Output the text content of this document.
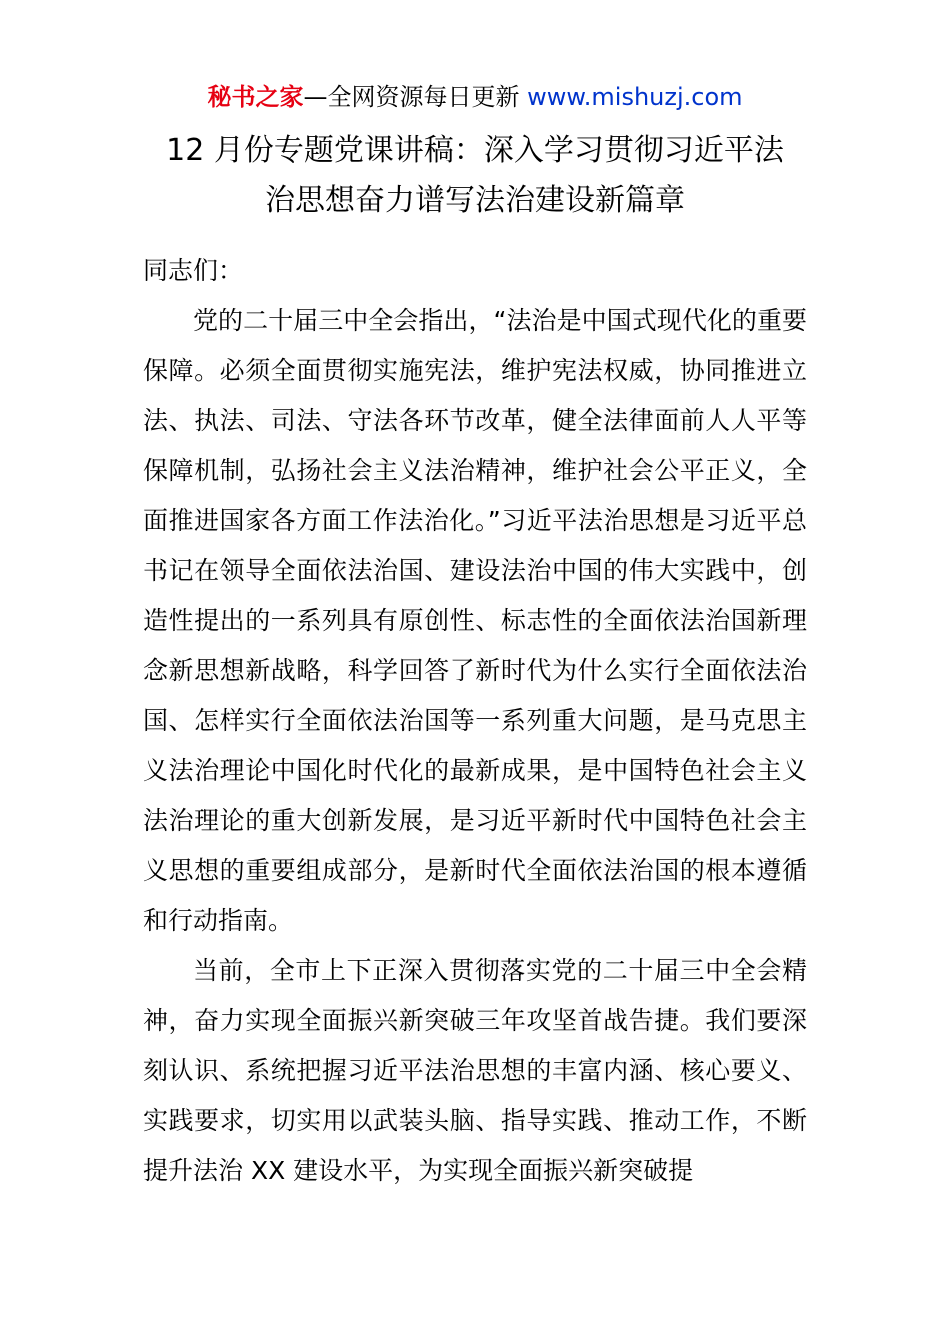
秘书之家—全网资源每日更新 www.mishuzj.com
12 月份专题党课讲稿：深入学习贯彻习近平法
治思想奋力谱写法治建设新篇章

同志们：

党的二十届三中全会指出，“法治是中国式现代化的重要保障。必须全面贯彻实施宪法，维护宪法权威，协同推进立法、执法、司法、守法各环节改革，健全法律面前人人平等保障机制，弘扬社会主义法治精神，维护社会公平正义，全面推进国家各方面工作法治化。”习近平法治思想是习近平总书记在领导全面依法治国、建设法治中国的伟大实践中，创造性提出的一系列具有原创性、标志性的全面依法治国新理念新思想新战略，科学回答了新时代为什么实行全面依法治国、怎样实行全面依法治国等一系列重大问题，是马克思主义法治理论中国化时代化的最新成果，是中国特色社会主义法治理论的重大创新发展，是习近平新时代中国特色社会主义思想的重要组成部分，是新时代全面依法治国的根本遵循和行动指南。

当前，全市上下正深入贯彻落实党的二十届三中全会精神，奋力实现全面振兴新突破三年攻坚首战告捷。我们要深刻认识、系统把握习近平法治思想的丰富内涵、核心要义、实践要求，切实用以武装头脑、指导实践、推动工作，不断提升法治 XX 建设水平，为实现全面振兴新突破提
